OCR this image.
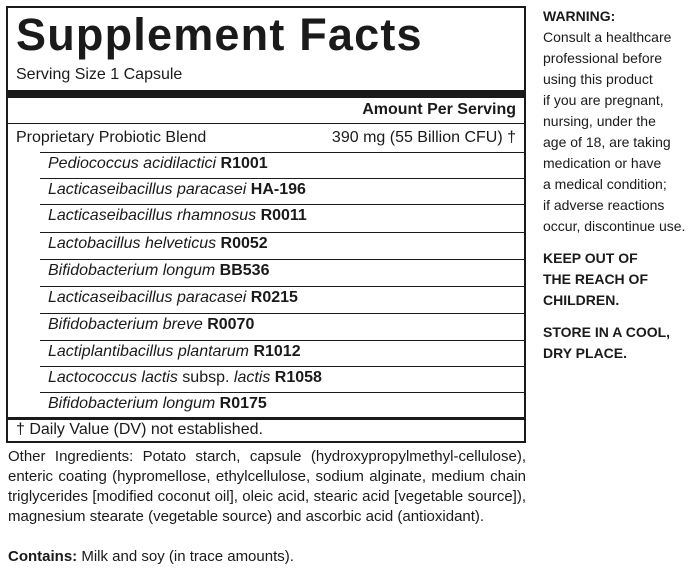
Supplement Facts
Serving Size 1 Capsule
Amount Per Serving
Proprietary Probiotic Blend	390 mg (55 Billion CFU) †
Pediococcus acidilactici R1001
Lacticaseibacillus paracasei HA-196
Lacticaseibacillus rhamnosus R0011
Lactobacillus helveticus R0052
Bifidobacterium longum BB536
Lacticaseibacillus paracasei R0215
Bifidobacterium breve R0070
Lactiplantibacillus plantarum R1012
Lactococcus lactis subsp. lactis R1058
Bifidobacterium longum R0175
† Daily Value (DV) not established.
Other Ingredients: Potato starch, capsule (hydroxypropylmethyl-cellulose), enteric coating (hypromellose, ethylcellulose, sodium alginate, medium chain triglycerides [modified coconut oil], oleic acid, stearic acid [vegetable source]), magnesium stearate (vegetable source) and ascorbic acid (antioxidant).
Contains: Milk and soy (in trace amounts).
WARNING:
Consult a healthcare
professional before
using this product
if you are pregnant,
nursing, under the
age of 18, are taking
medication or have
a medical condition;
if adverse reactions
occur, discontinue use.
KEEP OUT OF
THE REACH OF
CHILDREN.
STORE IN A COOL,
DRY PLACE.
